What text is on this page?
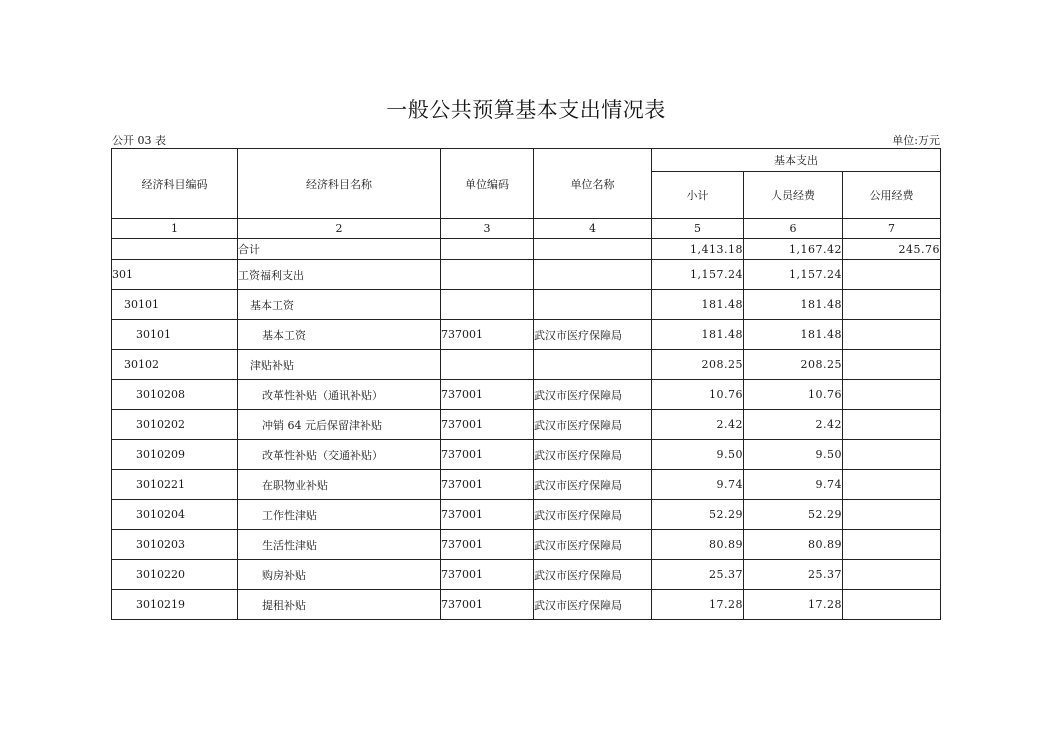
一般公共预算基本支出情况表
公开 03 表	单位:万元
经济科目编码	经济科目名称	单位编码	单位名称	基本支出		
				小计	人员经费	公用经费
1	2	3	4	5	6	7
	合计			1,413.18	1,167.42	245.76
301	工资福利支出			1,157.24	1,157.24	
30101	基本工资			181.48	181.48	
30101	基本工资	737001	武汉市医疗保障局	181.48	181.48	
30102	津贴补贴			208.25	208.25	
3010208	改革性补贴（通讯补贴）	737001	武汉市医疗保障局	10.76	10.76	
3010202	冲销 64 元后保留津补贴	737001	武汉市医疗保障局	2.42	2.42	
3010209	改革性补贴（交通补贴）	737001	武汉市医疗保障局	9.50	9.50	
3010221	在职物业补贴	737001	武汉市医疗保障局	9.74	9.74	
3010204	工作性津贴	737001	武汉市医疗保障局	52.29	52.29	
3010203	生活性津贴	737001	武汉市医疗保障局	80.89	80.89	
3010220	购房补贴	737001	武汉市医疗保障局	25.37	25.37	
3010219	提租补贴	737001	武汉市医疗保障局	17.28	17.28	
